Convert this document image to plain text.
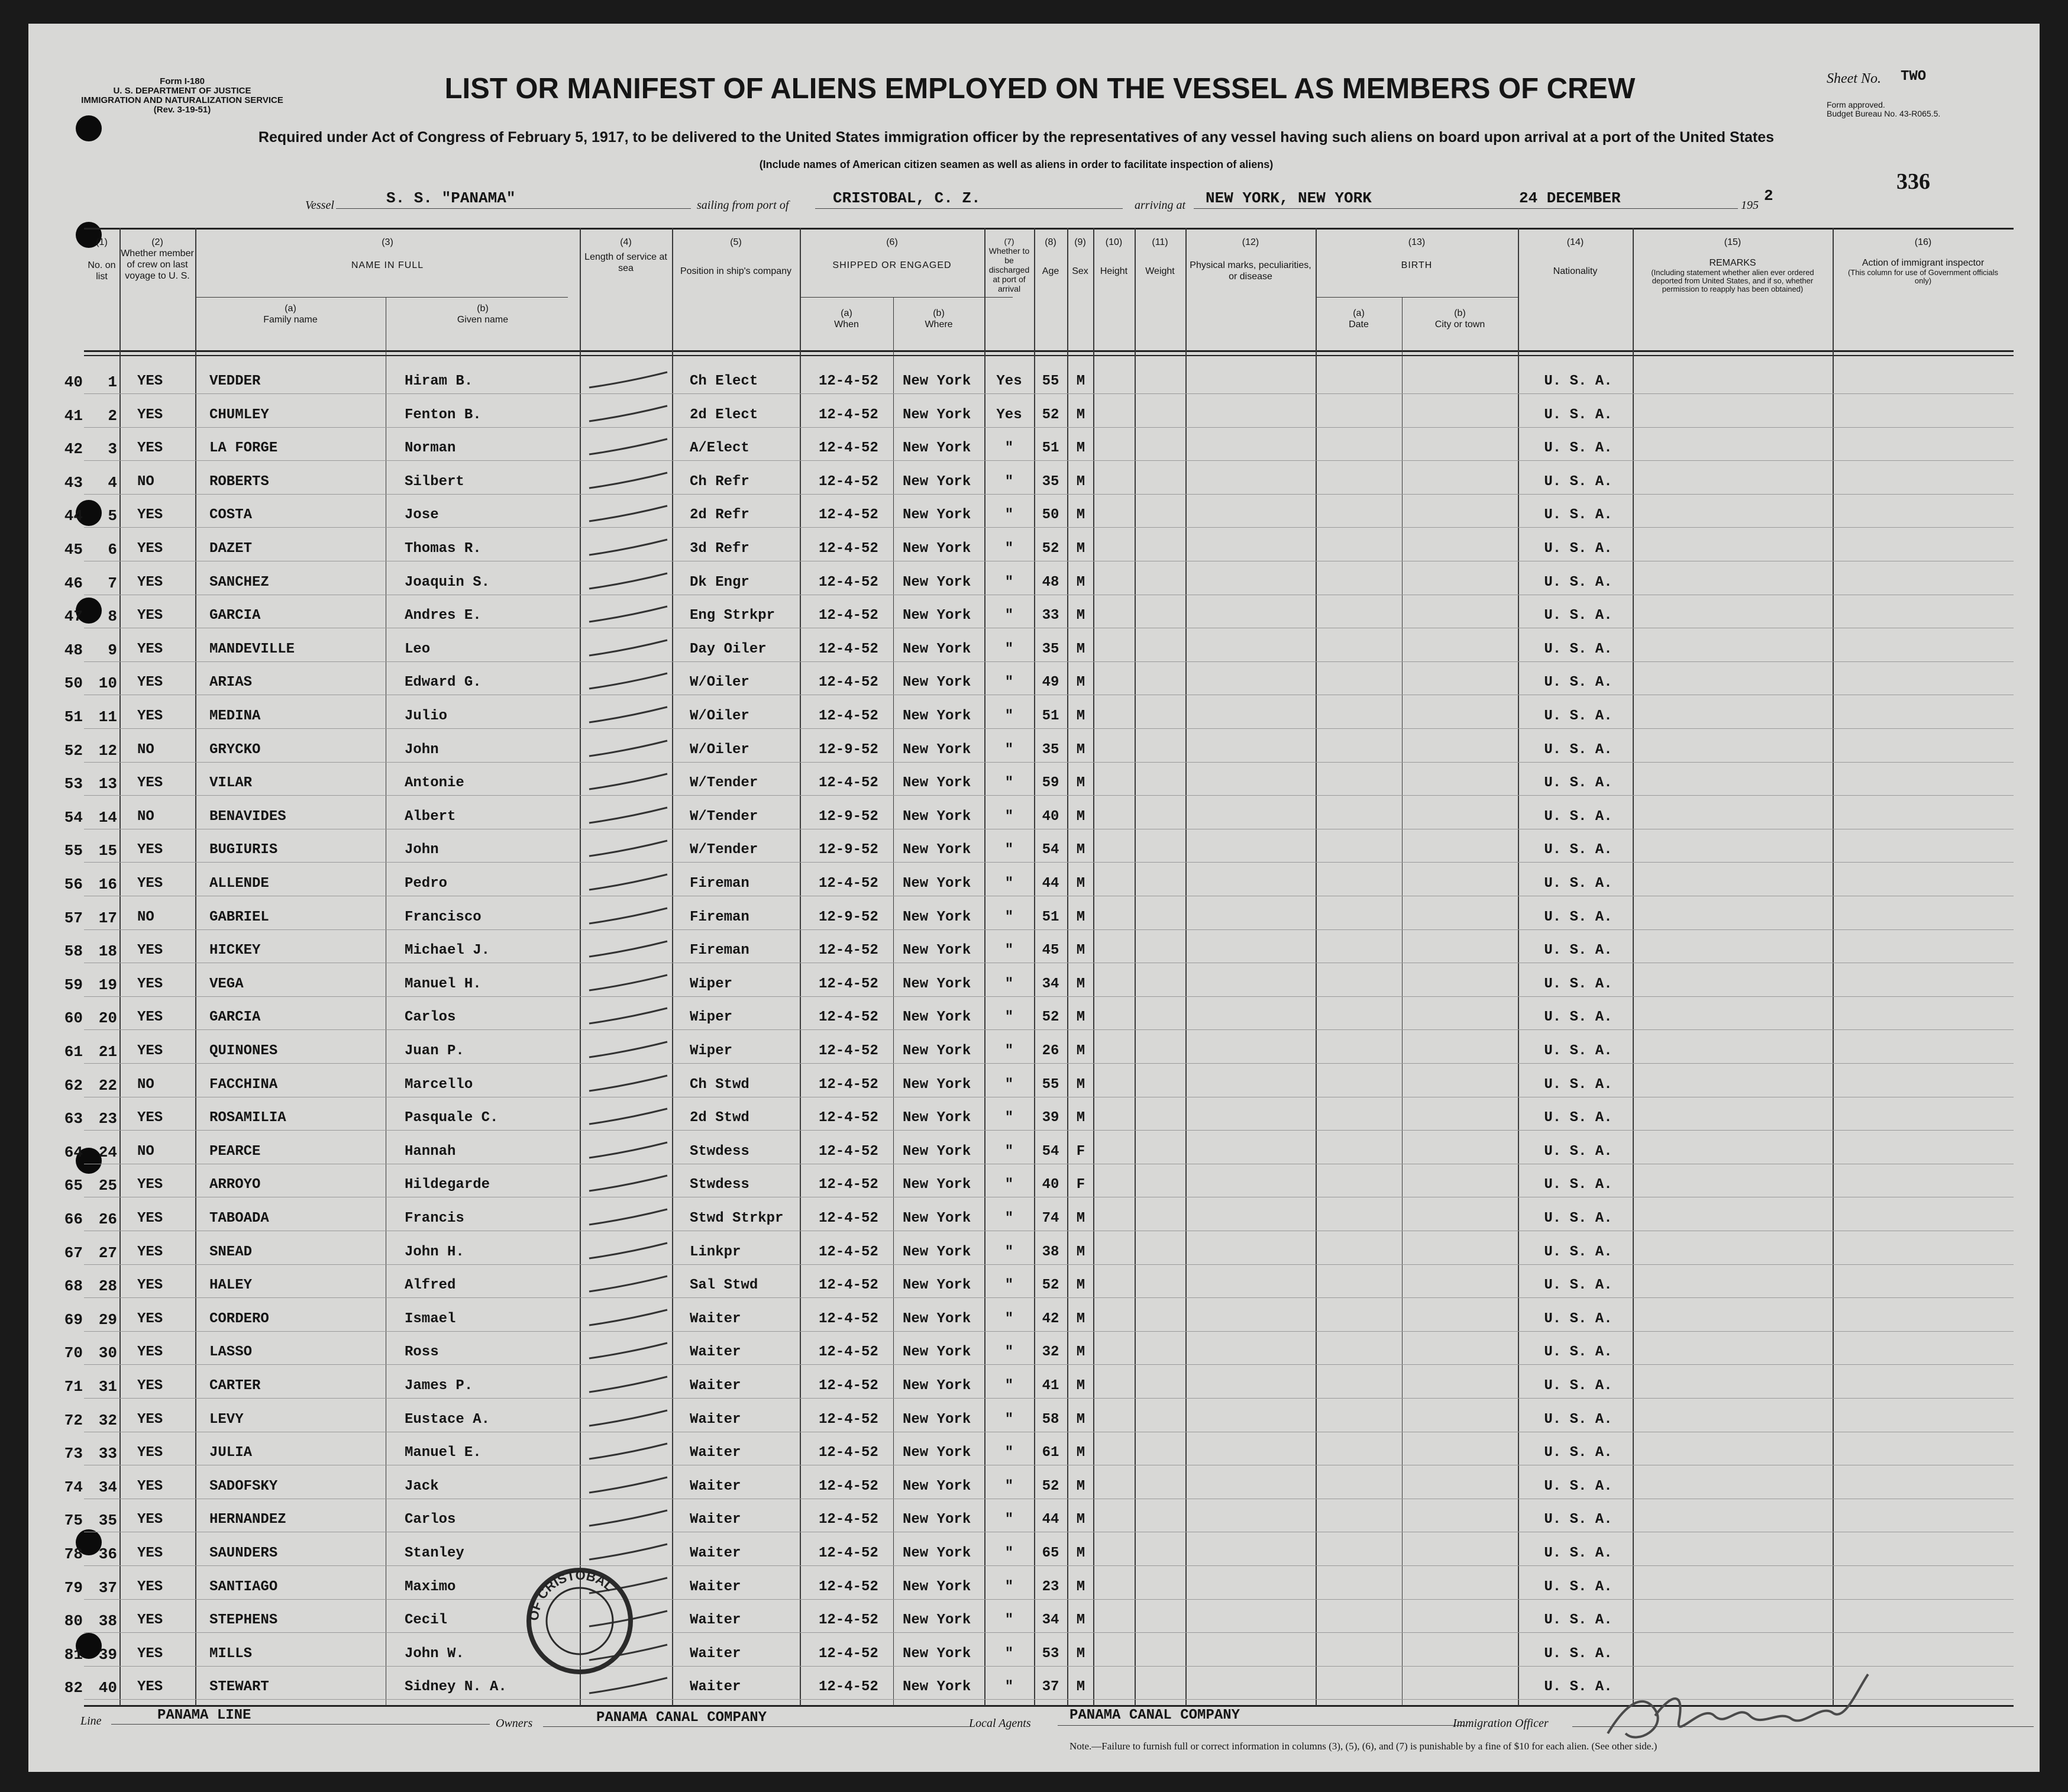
Form I-180
U. S. DEPARTMENT OF JUSTICE
IMMIGRATION AND NATURALIZATION SERVICE
(Rev. 3-19-51)
LIST OR MANIFEST OF ALIENS EMPLOYED ON THE VESSEL AS MEMBERS OF CREW	Sheet No. TWO
Form approved.
Budget Bureau No. 43-R065.5.
336
Required under Act of Congress of February 5, 1917, to be delivered to the United States immigration officer by the representatives of any vessel having such aliens on board upon arrival at a port of the United States
(Include names of American citizen seamen as well as aliens in order to facilitate inspection of aliens)
Vessel	S. S. "PANAMA"	sailing from port of	CRISTOBAL, C. Z.	arriving at NEW YORK, NEW YORK	24 DECEMBER	195
2
(1)
No. on list
(2)
Whether member of crew on last voyage to U. S.
(3)
NAME IN FULL
(a)
Family name
(b)
Given name
(4)
Length of service at sea
(5)
Position in ship's company
(6)
SHIPPED OR ENGAGED
(a)
When
(b)
Where
(7)
Whether to be discharged at port of arrival
(8)
Age
(9)
Sex
(10)
Height
(11)
Weight
(12)
Physical marks, peculiarities, or disease
(13)
BIRTH
(a)
Date
(b)
City or town
(14)
Nationality
(15)
REMARKS
(Including statement whether alien ever ordered deported from United States, and if so, whether permission to reapply has been obtained)
(16)
Action of immigrant inspector
(This column for use of Government officials only)
40	1 YES	VEDDER	Hiram B.	Ch Elect	12-4-52	New York	Yes	55	M	U. S. A.
41	2 YES	CHUMLEY	Fenton B.	2d Elect	12-4-52	New York	Yes	52	M	U. S. A.
42	3 YES	LA FORGE	Norman	A/Elect	12-4-52	New York	"	51	M	U. S. A.
43	4 NO	ROBERTS	Silbert	Ch Refr	12-4-52	New York	"	35	M	U. S. A.
44	5 YES	COSTA	Jose	2d Refr	12-4-52	New York	"	50	M	U. S. A.
45	6 YES	DAZET	Thomas R.	3d Refr	12-4-52	New York	"	52	M	U. S. A.
46	7 YES	SANCHEZ	Joaquin S.	Dk Engr	12-4-52	New York	"	48	M	U. S. A.
47	8 YES	GARCIA	Andres E.	Eng Strkpr	12-4-52	New York	"	33	M	U. S. A.
48	9 YES	MANDEVILLE	Leo	Day Oiler	12-4-52	New York	"	35	M	U. S. A.
50	10 YES	ARIAS	Edward G.	W/Oiler	12-4-52	New York	"	49	M	U. S. A.
51	11 YES	MEDINA	Julio	W/Oiler	12-4-52	New York	"	51	M	U. S. A.
52	12 NO	GRYCKO	John	W/Oiler	12-9-52	New York	"	35	M	U. S. A.
53	13 YES	VILAR	Antonie	W/Tender	12-4-52	New York	"	59	M	U. S. A.
54	14 NO	BENAVIDES	Albert	W/Tender	12-9-52	New York	"	40	M	U. S. A.
55	15 YES	BUGIURIS	John	W/Tender	12-9-52	New York	"	54	M	U. S. A.
56	16 YES	ALLENDE	Pedro	Fireman	12-4-52	New York	"	44	M	U. S. A.
57	17 NO	GABRIEL	Francisco	Fireman	12-9-52	New York	"	51	M	U. S. A.
58	18 YES	HICKEY	Michael J.	Fireman	12-4-52	New York	"	45	M	U. S. A.
59	19 YES	VEGA	Manuel H.	Wiper	12-4-52	New York	"	34	M	U. S. A.
60	20 YES	GARCIA	Carlos	Wiper	12-4-52	New York	"	52	M	U. S. A.
61	21 YES	QUINONES	Juan P.	Wiper	12-4-52	New York	"	26	M	U. S. A.
62	22 NO	FACCHINA	Marcello	Ch Stwd	12-4-52	New York	"	55	M	U. S. A.
63	23 YES	ROSAMILIA	Pasquale C.	2d Stwd	12-4-52	New York	"	39	M	U. S. A.
64	24 NO	PEARCE	Hannah	Stwdess	12-4-52	New York	"	54	F	U. S. A.
65	25 YES	ARROYO	Hildegarde	Stwdess	12-4-52	New York	"	40	F	U. S. A.
66	26 YES	TABOADA	Francis	Stwd Strkpr	12-4-52	New York	"	74	M	U. S. A.
67	27 YES	SNEAD	John H.	Linkpr	12-4-52	New York	"	38	M	U. S. A.
68	28 YES	HALEY	Alfred	Sal Stwd	12-4-52	New York	"	52	M	U. S. A.
69	29 YES	CORDERO	Ismael	Waiter	12-4-52	New York	"	42	M	U. S. A.
70	30 YES	LASSO	Ross	Waiter	12-4-52	New York	"	32	M	U. S. A.
71	31 YES	CARTER	James P.	Waiter	12-4-52	New York	"	41	M	U. S. A.
72	32 YES	LEVY	Eustace A.	Waiter	12-4-52	New York	"	58	M	U. S. A.
73	33 YES	JULIA	Manuel E.	Waiter	12-4-52	New York	"	61	M	U. S. A.
74	34 YES	SADOFSKY	Jack	Waiter	12-4-52	New York	"	52	M	U. S. A.
75	35 YES	HERNANDEZ	Carlos	Waiter	12-4-52	New York	"	44	M	U. S. A.
78	36 YES	SAUNDERS	Stanley	Waiter	12-4-52	New York	"	65	M	U. S. A.
79	37 YES	SANTIAGO	Maximo	Waiter	12-4-52	New York	"	23	M	U. S. A.
80	38 YES	STEPHENS	Cecil	Waiter	12-4-52	New York	"	34	M	U. S. A.
81	39 YES	MILLS	John W.	Waiter	12-4-52	New York	"	53	M	U. S. A.
82	40 YES	STEWART	Sidney N. A.	Waiter	12-4-52	New York	"	37	M	U. S. A.
OF CRISTOBAL
Line	PANAMA LINE	Owners	PANAMA CANAL COMPANY	Local Agents	PANAMA CANAL COMPANY	Immigration Officer
Note.—Failure to furnish full or correct information in columns (3), (5), (6), and (7) is punishable by a fine of $10 for each alien. (See other side.)
